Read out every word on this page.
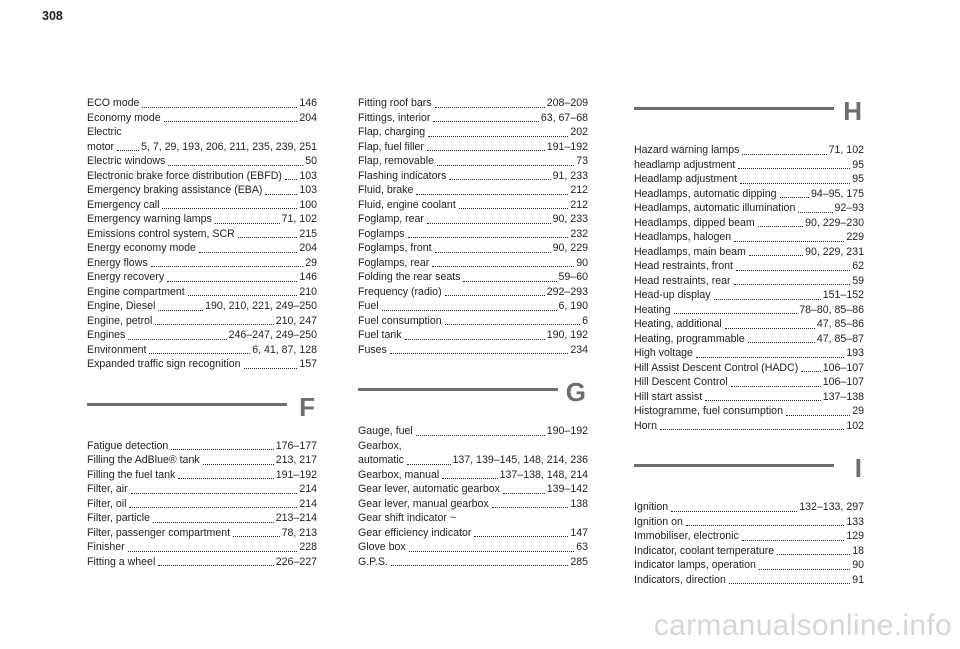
308
ECO mode	146
Economy mode	204
Electric
motor	5, 7, 29, 193, 206, 211, 235, 239, 251
Electric windows	50
Electronic brake force distribution (EBFD) 103
Emergency braking assistance (EBA)	103
Emergency call	100
Emergency warning lamps	71, 102
Emissions control system, SCR	215
Energy economy mode	204
Energy flows	29
Energy recovery	146
Engine compartment	210
Engine, Diesel	190, 210, 221, 249–250
Engine, petrol	210, 247
Engines	246–247, 249–250
Environment	6, 41, 87, 128
Expanded traffic sign recognition	157
F
Fatigue detection	176–177
Filling the AdBlue® tank	213, 217
Filling the fuel tank	191–192
Filter, air	214
Filter, oil	214
Filter, particle	213–214
Filter, passenger compartment	78, 213
Finisher	228
Fitting a wheel	226–227
Fitting roof bars	208–209
Fittings, interior	63, 67–68
Flap, charging	202
Flap, fuel filler	191–192
Flap, removable	73
Flashing indicators	91, 233
Fluid, brake	212
Fluid, engine coolant	212
Foglamp, rear	90, 233
Foglamps	232
Foglamps, front	90, 229
Foglamps, rear	90
Folding the rear seats	59–60
Frequency (radio)	292–293
Fuel	6, 190
Fuel consumption	6
Fuel tank	190, 192
Fuses	234
G
Gauge, fuel	190–192
Gearbox,
automatic	137, 139–145, 148, 214, 236
Gearbox, manual	137–138, 148, 214
Gear lever, automatic gearbox	139–142
Gear lever, manual gearbox	138
Gear shift indicator ~
Gear efficiency indicator	147
Glove box	63
G.P.S.	285
H
Hazard warning lamps	71, 102
headlamp adjustment	95
Headlamp adjustment	95
Headlamps, automatic dipping	94–95, 175
Headlamps, automatic illumination	92–93
Headlamps, dipped beam	90, 229–230
Headlamps, halogen	229
Headlamps, main beam	90, 229, 231
Head restraints, front	62
Head restraints, rear	59
Head-up display	151–152
Heating	78–80, 85–86
Heating, additional	47, 85–86
Heating, programmable	47, 85–87
High voltage	193
Hill Assist Descent Control (HADC) 106–107
Hill Descent Control	106–107
Hill start assist	137–138
Histogramme, fuel consumption	29
Horn	102
I
Ignition	132–133, 297
Ignition on	133
Immobiliser, electronic	129
Indicator, coolant temperature	18
Indicator lamps, operation	90
Indicators, direction	91
carmanualsonline.info
